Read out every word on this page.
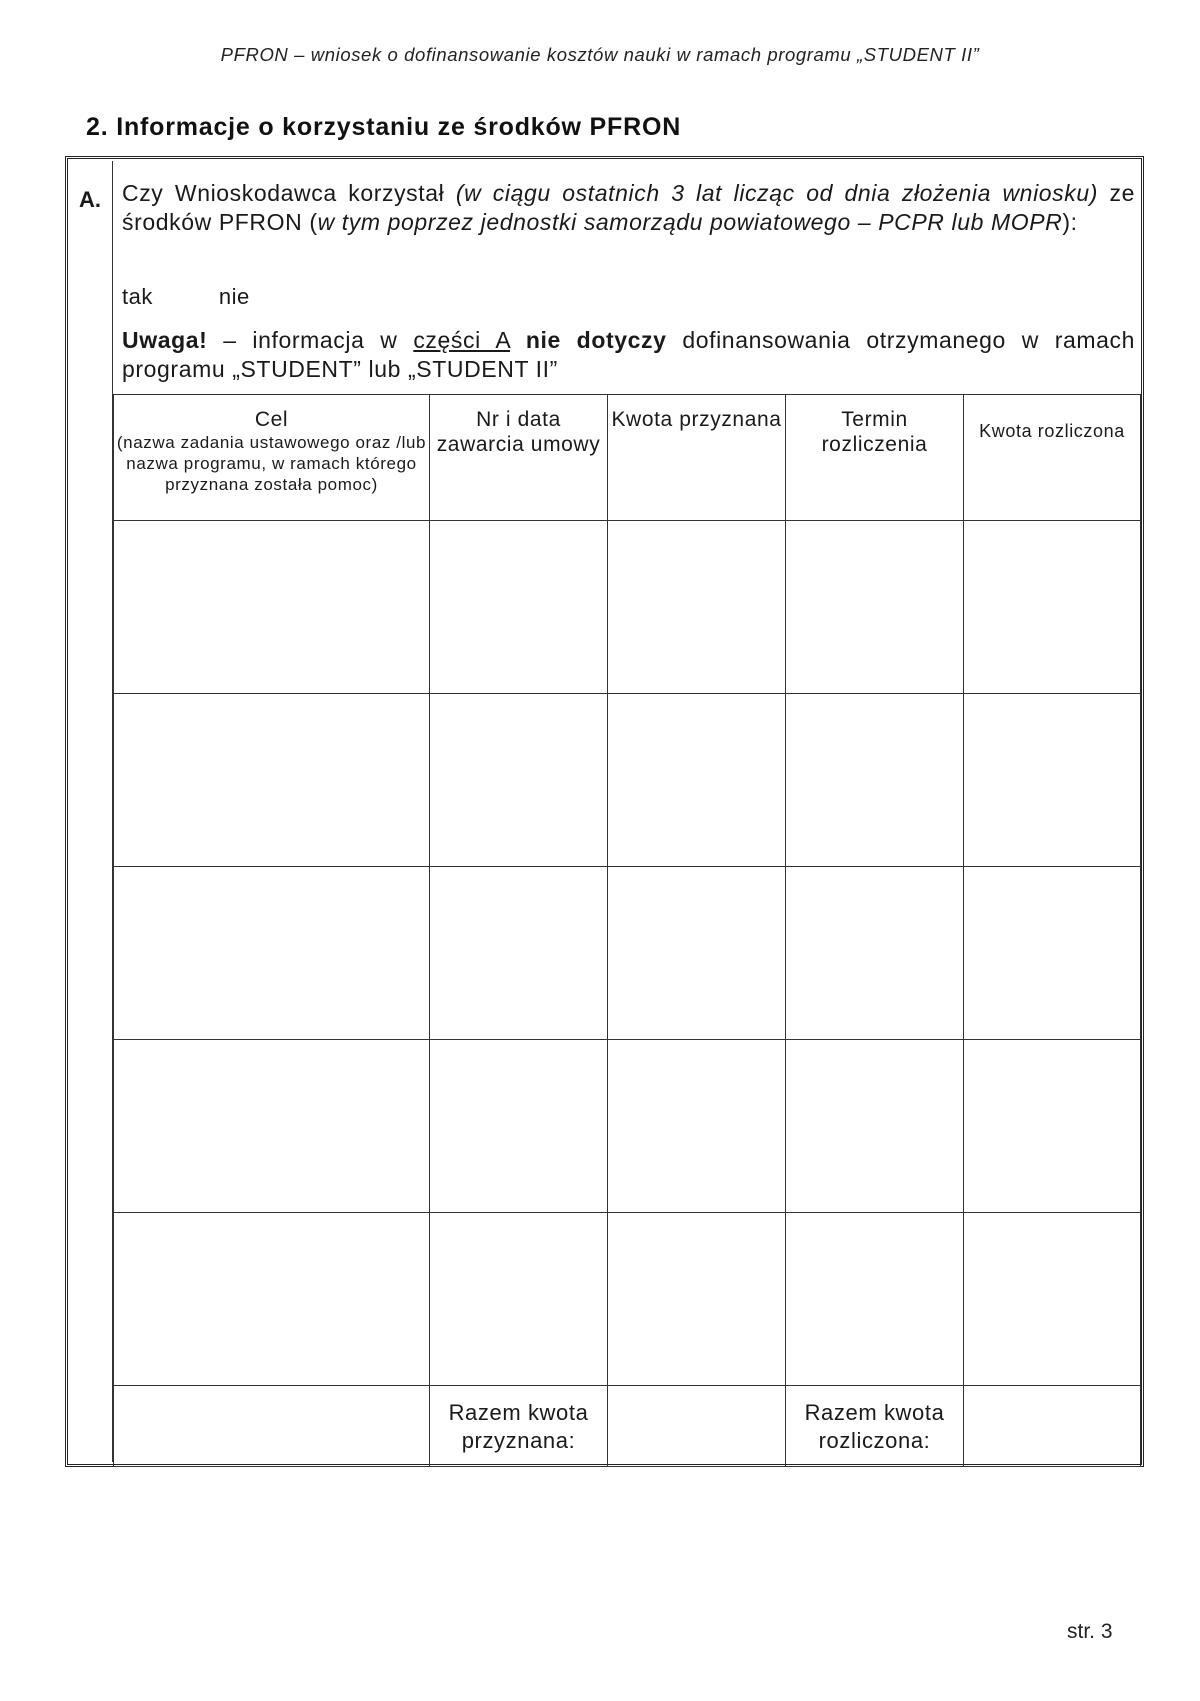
PFRON – wniosek o dofinansowanie kosztów nauki w ramach programu „STUDENT II”
2. Informacje o korzystaniu ze środków PFRON
A. Czy Wnioskodawca korzystał (w ciągu ostatnich 3 lat licząc od dnia złożenia wniosku) ze środków PFRON (w tym poprzez jednostki samorządu powiatowego – PCPR lub MOPR):
tak	nie
Uwaga! – informacja w części A nie dotyczy dofinansowania otrzymanego w ramach programu „STUDENT” lub „STUDENT II”
Cel
(nazwa zadania ustawowego oraz /lub nazwa programu, w ramach którego przyznana została pomoc)	Nr i data zawarcia umowy	Kwota przyznana	Termin rozliczenia	Kwota rozliczona

	Razem kwota przyznana:		Razem kwota rozliczona:	

str. 3
